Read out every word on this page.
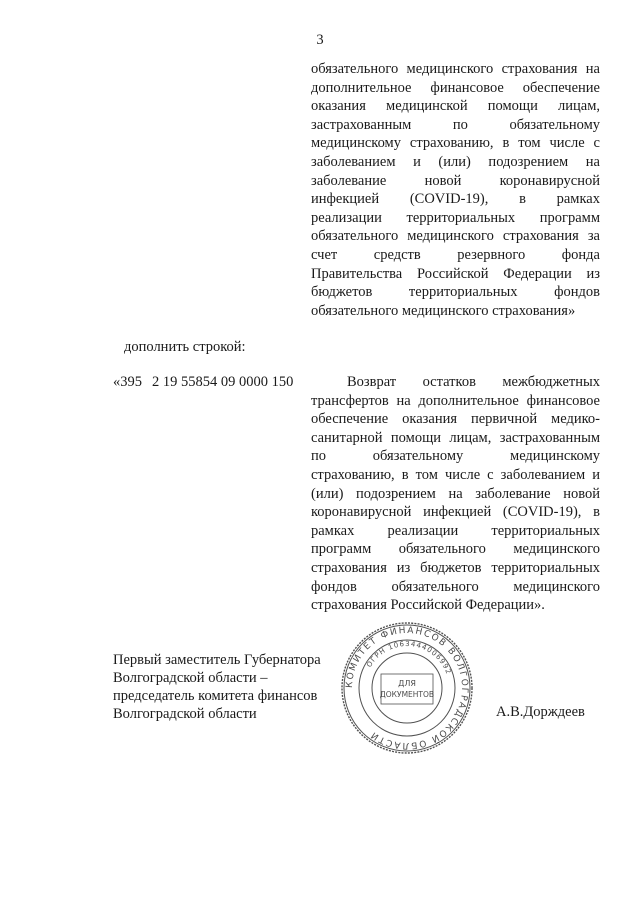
3
обязательного медицинского страхования на
дополнительное финансовое обеспечение
оказания медицинской помощи лицам,
застрахованным по обязательному
медицинскому страхованию, в том числе с
заболеванием и (или) подозрением на
заболевание новой коронавирусной
инфекцией (COVID-19), в рамках
реализации территориальных программ
обязательного медицинского страхования за
счет средств резервного фонда
Правительства Российской Федерации из
бюджетов территориальных фондов
обязательного медицинского страхования»
дополнить строкой:
«395 2 19 55854 09 0000 150	Возврат остатков межбюджетных
трансфертов на дополнительное финансовое
обеспечение оказания первичной медико-
санитарной помощи лицам, застрахованным
по обязательному медицинскому
страхованию, в том числе с заболеванием и
(или) подозрением на заболевание новой
коронавирусной инфекцией (COVID-19), в
рамках реализации территориальных
программ обязательного медицинского
страхования из бюджетов территориальных
фондов обязательного медицинского
страхования Российской Федерации».
Первый заместитель Губернатора
Волгоградской области –
председатель комитета финансов
Волгоградской области
КОМИТЕТ ФИНАНСОВ ВОЛГОГРАДСКОЙ ОБЛАСТИ
ОГРН 1063444006992
ДЛЯ
ДОКУМЕНТОВ
А.В.Дорждеев
